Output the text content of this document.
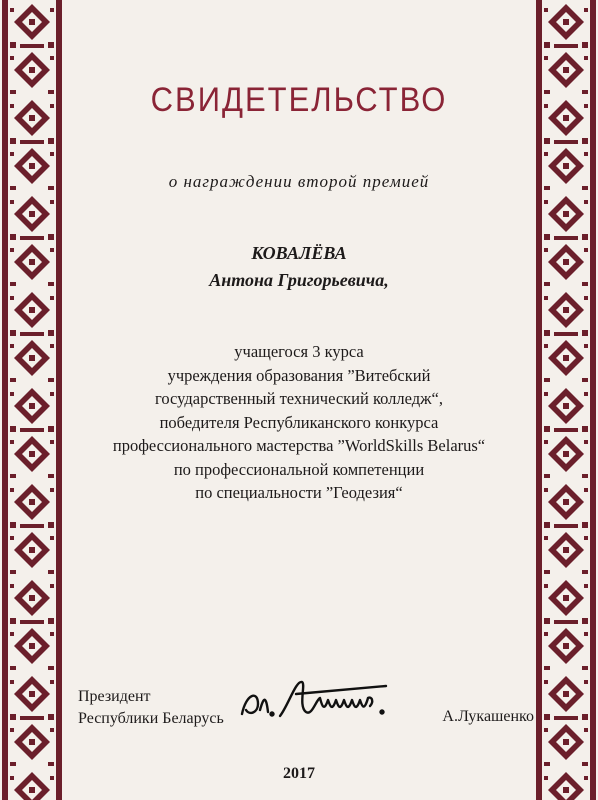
СВИДЕТЕЛЬСТВО
о награждении второй премией
КОВАЛЁВА
Антона Григорьевича,
учащегося 3 курса
учреждения образования ”Витебский
государственный технический колледж“,
победителя Республиканского конкурса
профессионального мастерства ”WorldSkills Belarus“
по профессиональной компетенции
по специальности ”Геодезия“
Президент
Республики Беларусь	А.Лукашенко
2017
